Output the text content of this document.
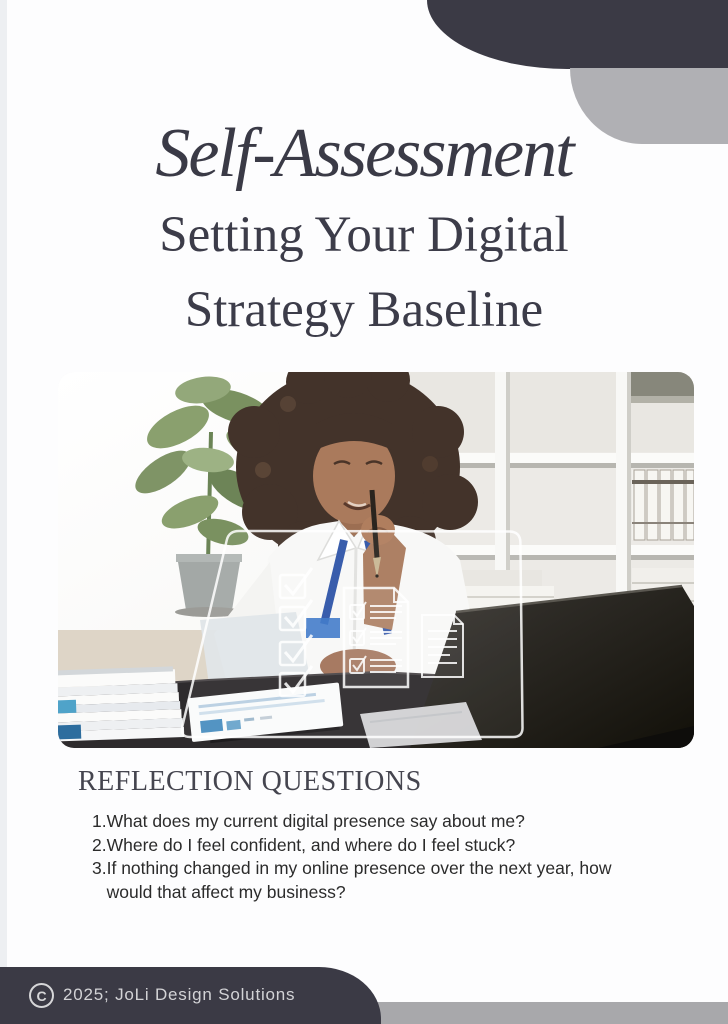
Self-Assessment
Setting Your Digital
Strategy Baseline
REFLECTION QUESTIONS
1. What does my current digital presence say about me?
2. Where do I feel confident, and where do I feel stuck?
3. If nothing changed in my online presence over the next year, how would that affect my business?
C 2025; JoLi Design Solutions
